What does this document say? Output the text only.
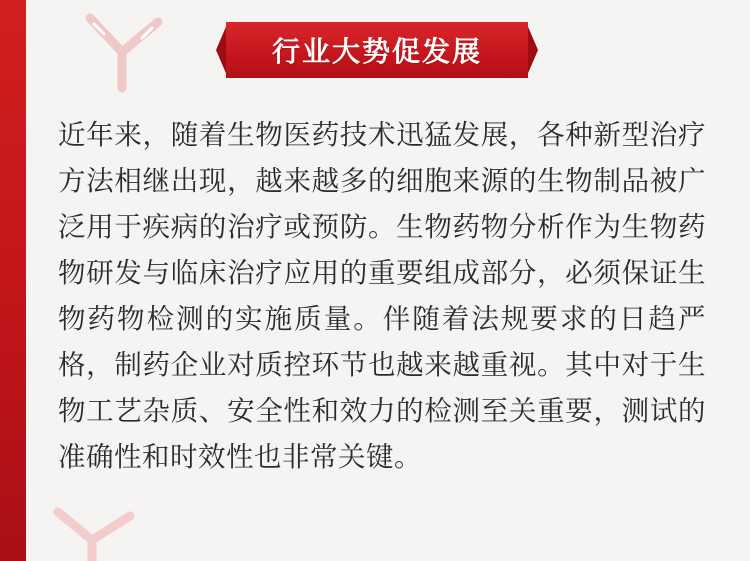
行业大势促发展

近年来，随着生物医药技术迅猛发展，各种新型治疗方法相继出现，越来越多的细胞来源的生物制品被广泛用于疾病的治疗或预防。生物药物分析作为生物药物研发与临床治疗应用的重要组成部分，必须保证生物药物检测的实施质量。伴随着法规要求的日趋严格，制药企业对质控环节也越来越重视。其中对于生物工艺杂质、安全性和效力的检测至关重要，测试的准确性和时效性也非常关键。
